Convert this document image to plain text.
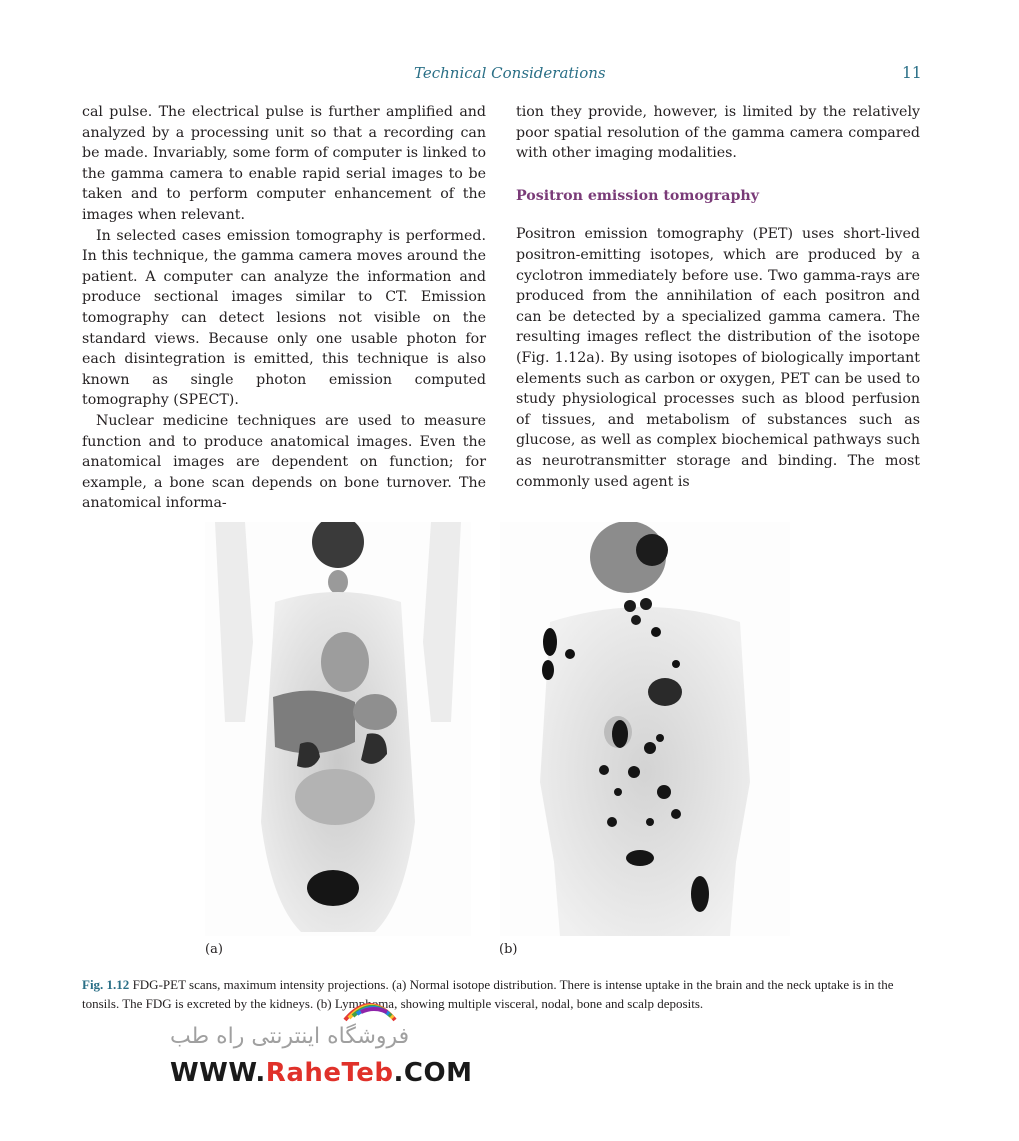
Technical Considerations	11

cal pulse. The electrical pulse is further amplified and analyzed by a processing unit so that a recording can be made. Invariably, some form of computer is linked to the gamma camera to enable rapid serial images to be taken and to perform computer enhancement of the images when relevant.

In selected cases emission tomography is performed. In this technique, the gamma camera moves around the patient. A computer can analyze the information and produce sectional images similar to CT. Emission tomography can detect lesions not visible on the standard views. Because only one usable photon for each disintegration is emitted, this technique is also known as single photon emission computed tomography (SPECT).

Nuclear medicine techniques are used to measure function and to produce anatomical images. Even the anatomical images are dependent on function; for example, a bone scan depends on bone turnover. The anatomical informa-

tion they provide, however, is limited by the relatively poor spatial resolution of the gamma camera compared with other imaging modalities.

Positron emission tomography

Positron emission tomography (PET) uses short-lived positron-emitting isotopes, which are produced by a cyclotron immediately before use. Two gamma-rays are produced from the annihilation of each positron and can be detected by a specialized gamma camera. The resulting images reflect the distribution of the isotope (Fig. 1.12a). By using isotopes of biologically important elements such as carbon or oxygen, PET can be used to study physiological processes such as blood perfusion of tissues, and metabolism of substances such as glucose, as well as complex biochemical pathways such as neurotransmitter storage and binding. The most commonly used agent is

(a)	(b)
Fig. 1.12 FDG-PET scans, maximum intensity projections. (a) Normal isotope distribution. There is intense uptake in the brain and the neck uptake is in the tonsils. The FDG is excreted by the kidneys. (b) Lymphoma, showing multiple visceral, nodal, bone and scalp deposits.
فروشگاه اینترنتی راه طب
WWW.RaheTeb.COM
